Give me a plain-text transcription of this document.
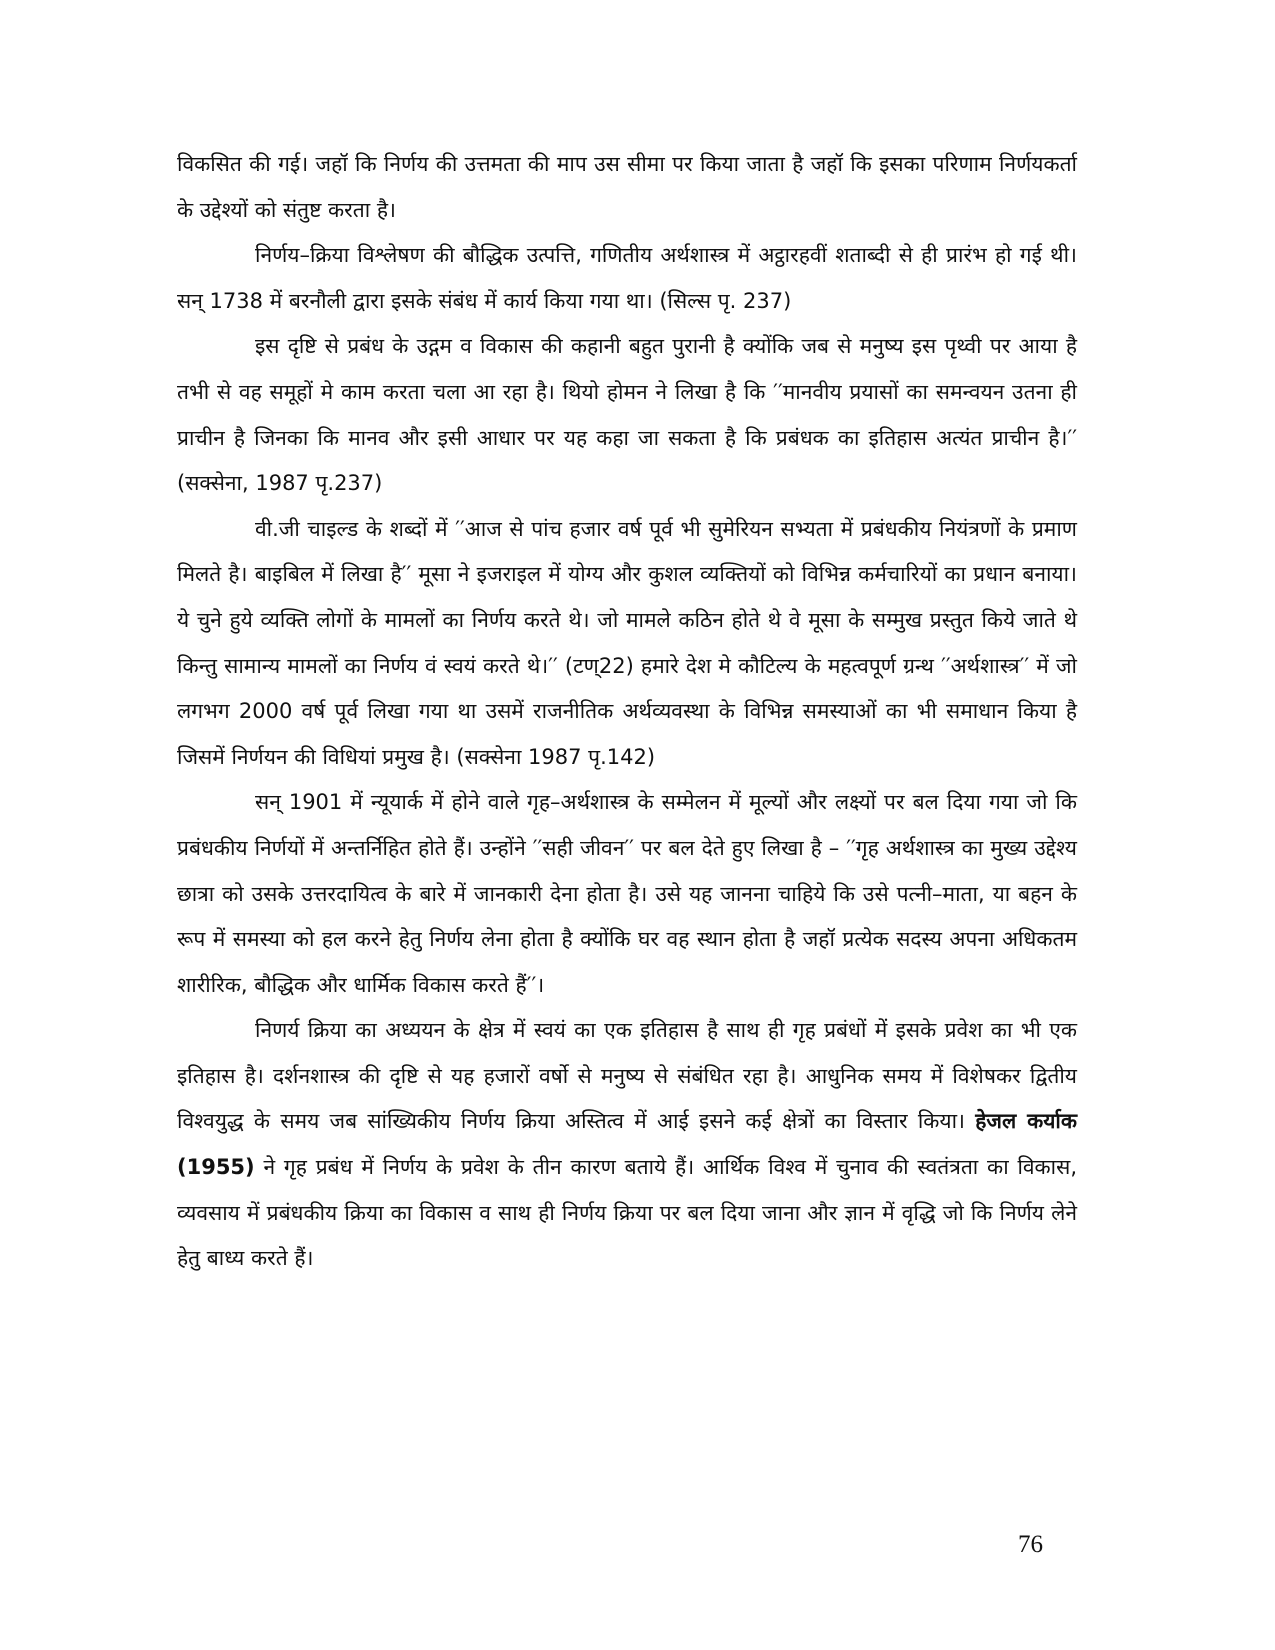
विकसित की गई। जहॉ कि निर्णय की उत्तमता की माप उस सीमा पर किया जाता है जहॉ कि इसका परिणाम निर्णयकर्ता के उद्देश्यों को संतुष्ट करता है।

निर्णय–क्रिया विश्लेषण की बौद्धिक उत्पत्ति, गणितीय अर्थशास्त्र में अट्ठारहवीं शताब्दी से ही प्रारंभ हो गई थी। सन् 1738 में बरनौली द्वारा इसके संबंध में कार्य किया गया था। (सिल्स पृ. 237)

इस दृष्टि से प्रबंध के उद्गम व विकास की कहानी बहुत पुरानी है क्योंकि जब से मनुष्य इस पृथ्वी पर आया है तभी से वह समूहों मे काम करता चला आ रहा है। थियो होमन ने लिखा है कि ′′मानवीय प्रयासों का समन्वयन उतना ही प्राचीन है जिनका कि मानव और इसी आधार पर यह कहा जा सकता है कि प्रबंधक का इतिहास अत्यंत प्राचीन है।′′ (सक्सेना, 1987 पृ.237)

वी.जी चाइल्ड के शब्दों में ′′आज से पांच हजार वर्ष पूर्व भी सुमेरियन सभ्यता में प्रबंधकीय नियंत्रणों के प्रमाण मिलते है। बाइबिल में लिखा है′′ मूसा ने इजराइल में योग्य और कुशल व्यक्तियों को विभिन्न कर्मचारियों का प्रधान बनाया। ये चुने हुये व्यक्ति लोगों के मामलों का निर्णय करते थे। जो मामले कठिन होते थे वे मूसा के सम्मुख प्रस्तुत किये जाते थे किन्तु सामान्य मामलों का निर्णय वं स्वयं करते थे।′′ (टण्22) हमारे देश मे कौटिल्य के महत्वपूर्ण ग्रन्थ ′′अर्थशास्त्र′′ में जो लगभग 2000 वर्ष पूर्व लिखा गया था उसमें राजनीतिक अर्थव्यवस्था के विभिन्न समस्याओं का भी समाधान किया है जिसमें निर्णयन की विधियां प्रमुख है। (सक्सेना 1987 पृ.142)

सन् 1901 में न्यूयार्क में होने वाले गृह–अर्थशास्त्र के सम्मेलन में मूल्यों और लक्ष्यों पर बल दिया गया जो कि प्रबंधकीय निर्णयों में अन्तर्निहित होते हैं। उन्होंने ′′सही जीवन′′ पर बल देते हुए लिखा है – ′′गृह अर्थशास्त्र का मुख्य उद्देश्य छात्रा को उसके उत्तरदायित्व के बारे में जानकारी देना होता है। उसे यह जानना चाहिये कि उसे पत्नी–माता, या बहन के रूप में समस्या को हल करने हेतु निर्णय लेना होता है क्योंकि घर वह स्थान होता है जहॉ प्रत्येक सदस्य अपना अधिकतम शारीरिक, बौद्धिक और धार्मिक विकास करते हैं′′।

निणर्य क्रिया का अध्ययन के क्षेत्र में स्वयं का एक इतिहास है साथ ही गृह प्रबंधों में इसके प्रवेश का भी एक इतिहास है। दर्शनशास्त्र की दृष्टि से यह हजारों वर्षो से मनुष्य से संबंधित रहा है। आधुनिक समय में विशेषकर द्वितीय विश्वयुद्ध के समय जब सांख्यिकीय निर्णय क्रिया अस्तित्व में आई इसने कई क्षेत्रों का विस्तार किया। हेजल कर्याक (1955) ने गृह प्रबंध में निर्णय के प्रवेश के तीन कारण बताये हैं। आर्थिक विश्व में चुनाव की स्वतंत्रता का विकास, व्यवसाय में प्रबंधकीय क्रिया का विकास व साथ ही निर्णय क्रिया पर बल दिया जाना और ज्ञान में वृद्धि जो कि निर्णय लेने हेतु बाध्य करते हैं।

76
